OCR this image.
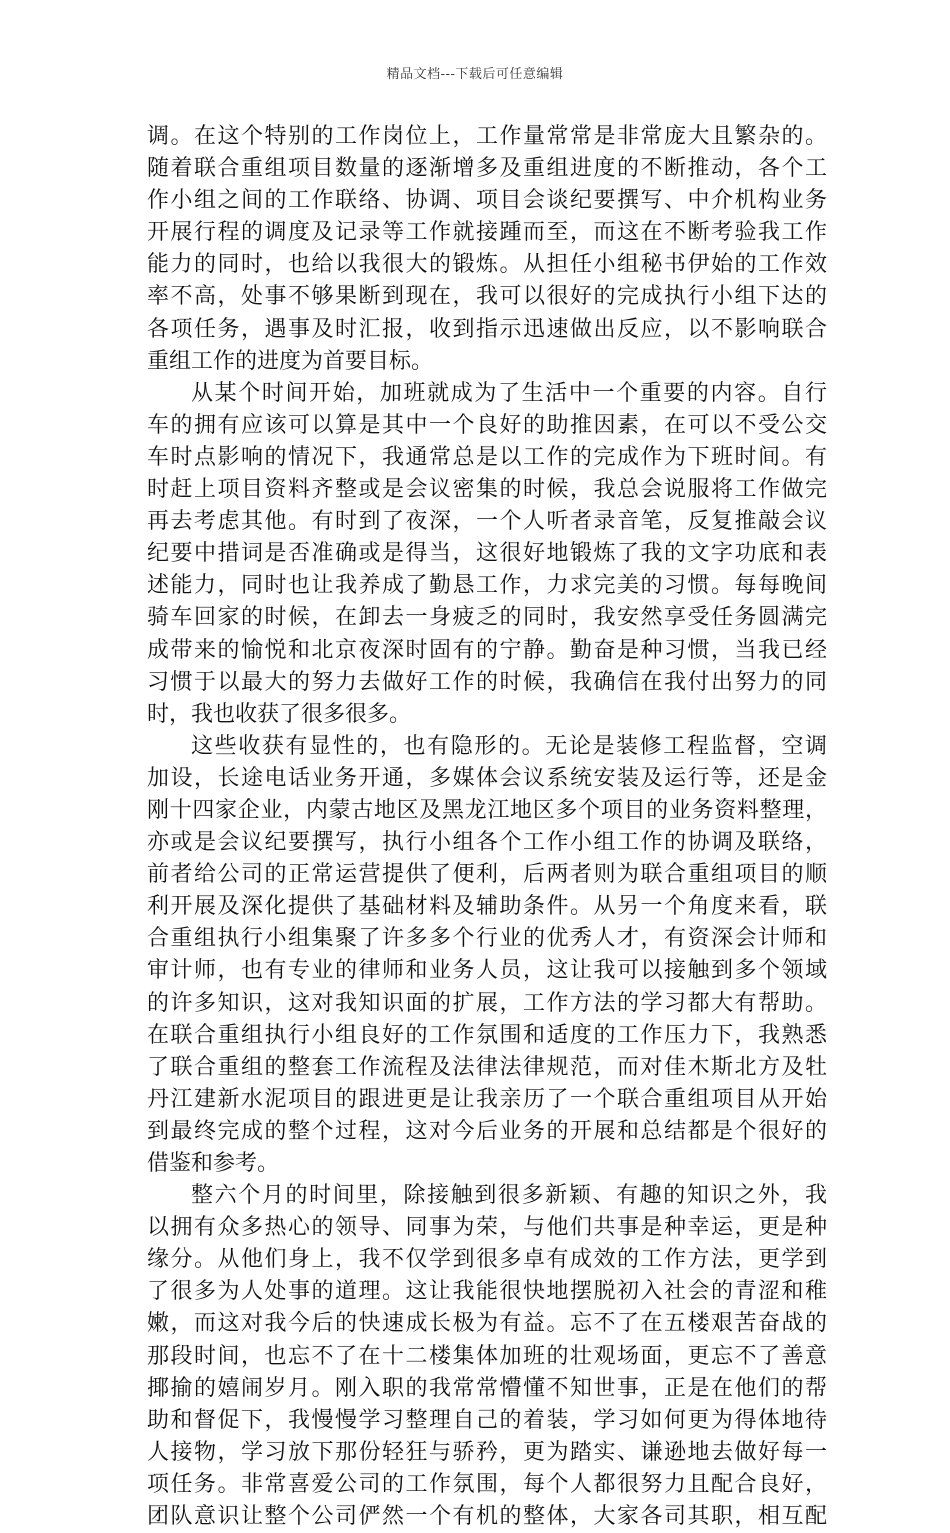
精品文档---下载后可任意编辑
调。在这个特别的工作岗位上，工作量常常是非常庞大且繁杂的。
随着联合重组项目数量的逐渐增多及重组进度的不断推动，各个工
作小组之间的工作联络、协调、项目会谈纪要撰写、中介机构业务
开展行程的调度及记录等工作就接踵而至，而这在不断考验我工作
能力的同时，也给以我很大的锻炼。从担任小组秘书伊始的工作效
率不高，处事不够果断到现在，我可以很好的完成执行小组下达的
各项任务，遇事及时汇报，收到指示迅速做出反应，以不影响联合
重组工作的进度为首要目标。
从某个时间开始，加班就成为了生活中一个重要的内容。自行
车的拥有应该可以算是其中一个良好的助推因素，在可以不受公交
车时点影响的情况下，我通常总是以工作的完成作为下班时间。有
时赶上项目资料齐整或是会议密集的时候，我总会说服将工作做完
再去考虑其他。有时到了夜深，一个人听者录音笔，反复推敲会议
纪要中措词是否准确或是得当，这很好地锻炼了我的文字功底和表
述能力，同时也让我养成了勤恳工作，力求完美的习惯。每每晚间
骑车回家的时候，在卸去一身疲乏的同时，我安然享受任务圆满完
成带来的愉悦和北京夜深时固有的宁静。勤奋是种习惯，当我已经
习惯于以最大的努力去做好工作的时候，我确信在我付出努力的同
时，我也收获了很多很多。
这些收获有显性的，也有隐形的。无论是装修工程监督，空调
加设，长途电话业务开通，多媒体会议系统安装及运行等，还是金
刚十四家企业，内蒙古地区及黑龙江地区多个项目的业务资料整理，
亦或是会议纪要撰写，执行小组各个工作小组工作的协调及联络，
前者给公司的正常运营提供了便利，后两者则为联合重组项目的顺
利开展及深化提供了基础材料及辅助条件。从另一个角度来看，联
合重组执行小组集聚了许多多个行业的优秀人才，有资深会计师和
审计师，也有专业的律师和业务人员，这让我可以接触到多个领域
的许多知识，这对我知识面的扩展，工作方法的学习都大有帮助。
在联合重组执行小组良好的工作氛围和适度的工作压力下，我熟悉
了联合重组的整套工作流程及法律法律规范，而对佳木斯北方及牡
丹江建新水泥项目的跟进更是让我亲历了一个联合重组项目从开始
到最终完成的整个过程，这对今后业务的开展和总结都是个很好的
借鉴和参考。
整六个月的时间里，除接触到很多新颖、有趣的知识之外，我
以拥有众多热心的领导、同事为荣，与他们共事是种幸运，更是种
缘分。从他们身上，我不仅学到很多卓有成效的工作方法，更学到
了很多为人处事的道理。这让我能很快地摆脱初入社会的青涩和稚
嫩，而这对我今后的快速成长极为有益。忘不了在五楼艰苦奋战的
那段时间，也忘不了在十二楼集体加班的壮观场面，更忘不了善意
揶揄的嬉闹岁月。刚入职的我常常懵懂不知世事，正是在他们的帮
助和督促下，我慢慢学习整理自己的着装，学习如何更为得体地待
人接物，学习放下那份轻狂与骄矜，更为踏实、谦逊地去做好每一
项任务。非常喜爱公司的工作氛围，每个人都很努力且配合良好，
团队意识让整个公司俨然一个有机的整体，大家各司其职，相互配
